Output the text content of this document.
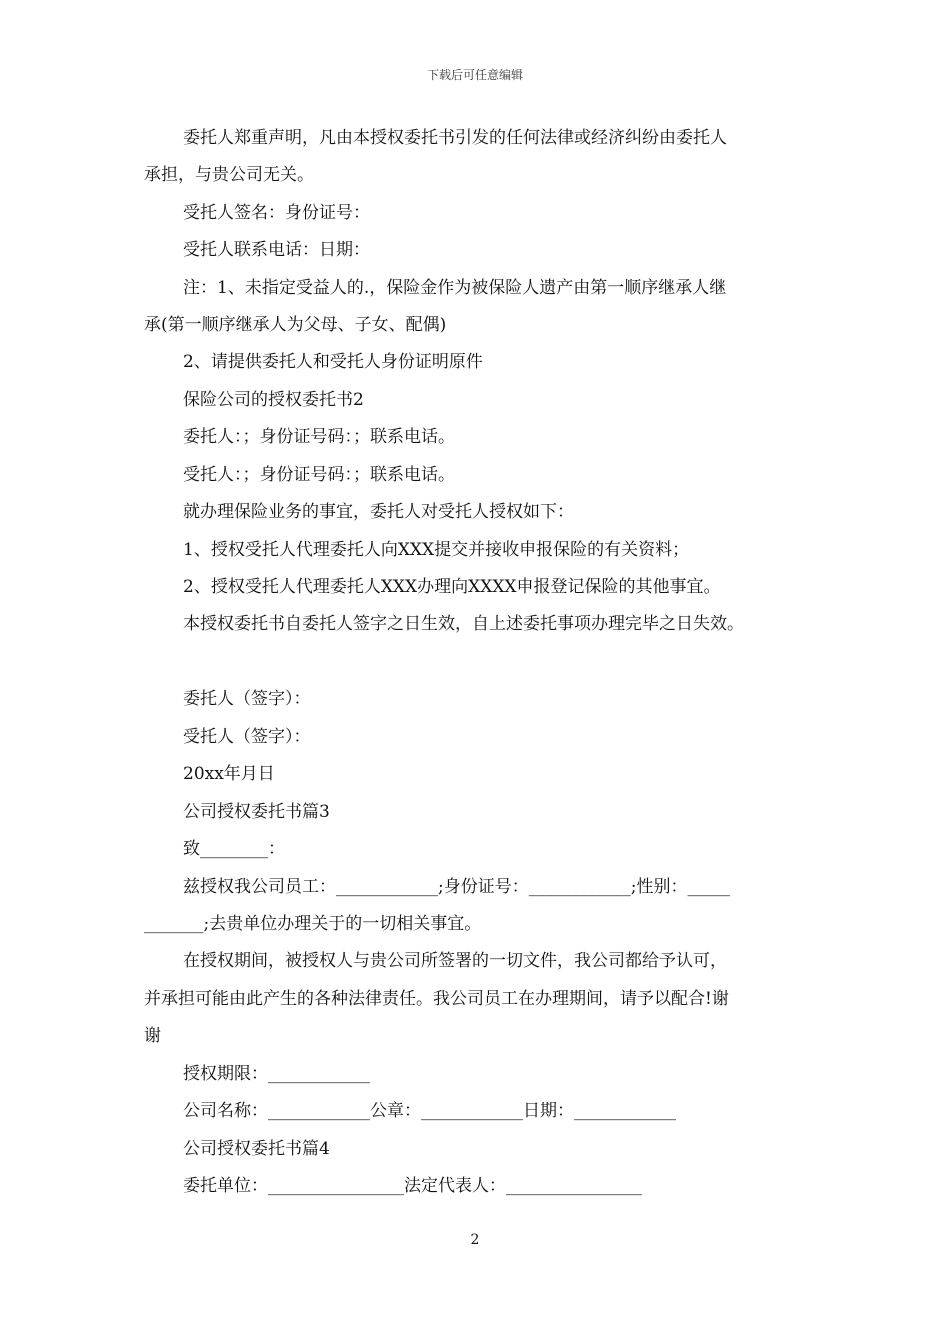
下载后可任意编辑
委托人郑重声明，凡由本授权委托书引发的任何法律或经济纠纷由委托人
承担，与贵公司无关。
受托人签名：身份证号：
受托人联系电话：日期：
注：1、未指定受益人的.，保险金作为被保险人遗产由第一顺序继承人继
承(第一顺序继承人为父母、子女、配偶)
2、请提供委托人和受托人身份证明原件
保险公司的授权委托书2
委托人：；身份证号码：；联系电话。
受托人：；身份证号码：；联系电话。
就办理保险业务的事宜，委托人对受托人授权如下：
1、授权受托人代理委托人向XXX提交并接收申报保险的有关资料；
2、授权受托人代理委托人XXX办理向XXXX申报登记保险的其他事宜。
本授权委托书自委托人签字之日生效，自上述委托事项办理完毕之日失效。
委托人（签字）：
受托人（签字）：
20xx年月日
公司授权委托书篇3
致________：
兹授权我公司员工：____________;身份证号：____________;性别：_____
_______;去贵单位办理关于的一切相关事宜。
在授权期间，被授权人与贵公司所签署的一切文件，我公司都给予认可，
并承担可能由此产生的各种法律责任。我公司员工在办理期间，请予以配合!谢
谢
授权期限：____________
公司名称：____________公章：____________日期：____________
公司授权委托书篇4
委托单位：________________法定代表人：________________
2
